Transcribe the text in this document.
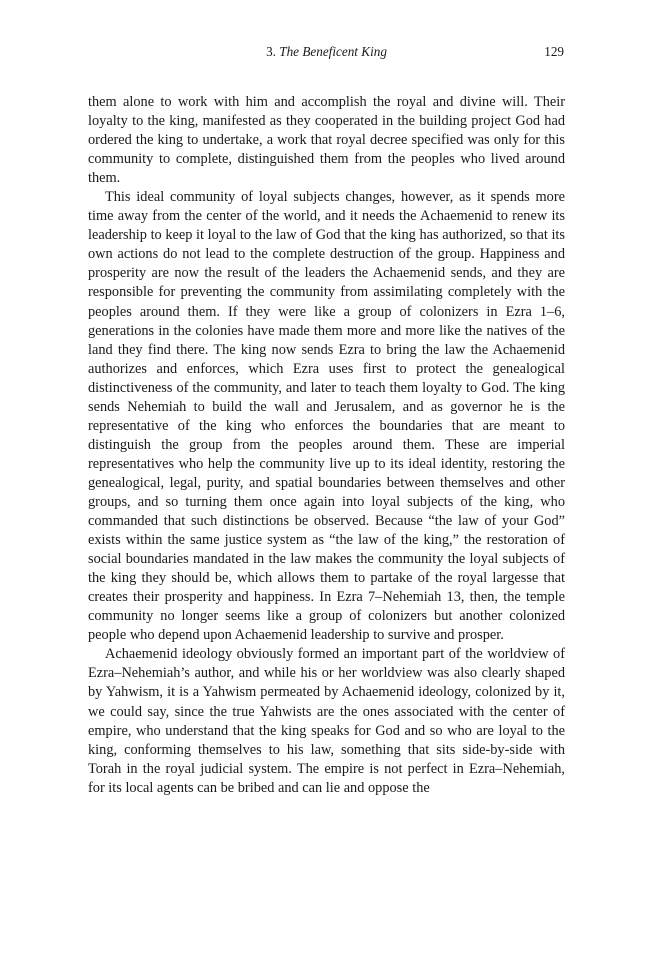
3. The Beneficent King	129

them alone to work with him and accomplish the royal and divine will. Their loyalty to the king, manifested as they cooperated in the building project God had ordered the king to undertake, a work that royal decree specified was only for this community to complete, distinguished them from the peoples who lived around them.

This ideal community of loyal subjects changes, however, as it spends more time away from the center of the world, and it needs the Achaemenid to renew its leadership to keep it loyal to the law of God that the king has authorized, so that its own actions do not lead to the complete destruction of the group. Happiness and prosperity are now the result of the leaders the Achaemenid sends, and they are responsible for preventing the community from assimilating completely with the peoples around them. If they were like a group of colonizers in Ezra 1–6, generations in the colonies have made them more and more like the natives of the land they find there. The king now sends Ezra to bring the law the Achaemenid authorizes and enforces, which Ezra uses first to protect the genealogical distinctiveness of the community, and later to teach them loyalty to God. The king sends Nehemiah to build the wall and Jerusalem, and as governor he is the representative of the king who enforces the boundaries that are meant to distinguish the group from the peoples around them. These are imperial representatives who help the community live up to its ideal identity, restoring the genealogical, legal, purity, and spatial boundaries between themselves and other groups, and so turning them once again into loyal subjects of the king, who commanded that such distinctions be observed. Because “the law of your God” exists within the same justice system as “the law of the king,” the restoration of social boundaries mandated in the law makes the community the loyal subjects of the king they should be, which allows them to partake of the royal largesse that creates their prosperity and happiness. In Ezra 7–Nehemiah 13, then, the temple community no longer seems like a group of colonizers but another colonized people who depend upon Achaemenid leadership to survive and prosper.

Achaemenid ideology obviously formed an important part of the worldview of Ezra–Nehemiah’s author, and while his or her worldview was also clearly shaped by Yahwism, it is a Yahwism permeated by Achaemenid ideology, colonized by it, we could say, since the true Yahwists are the ones associated with the center of empire, who understand that the king speaks for God and so who are loyal to the king, conforming themselves to his law, something that sits side-by-side with Torah in the royal judicial system. The empire is not perfect in Ezra–Nehemiah, for its local agents can be bribed and can lie and oppose the
